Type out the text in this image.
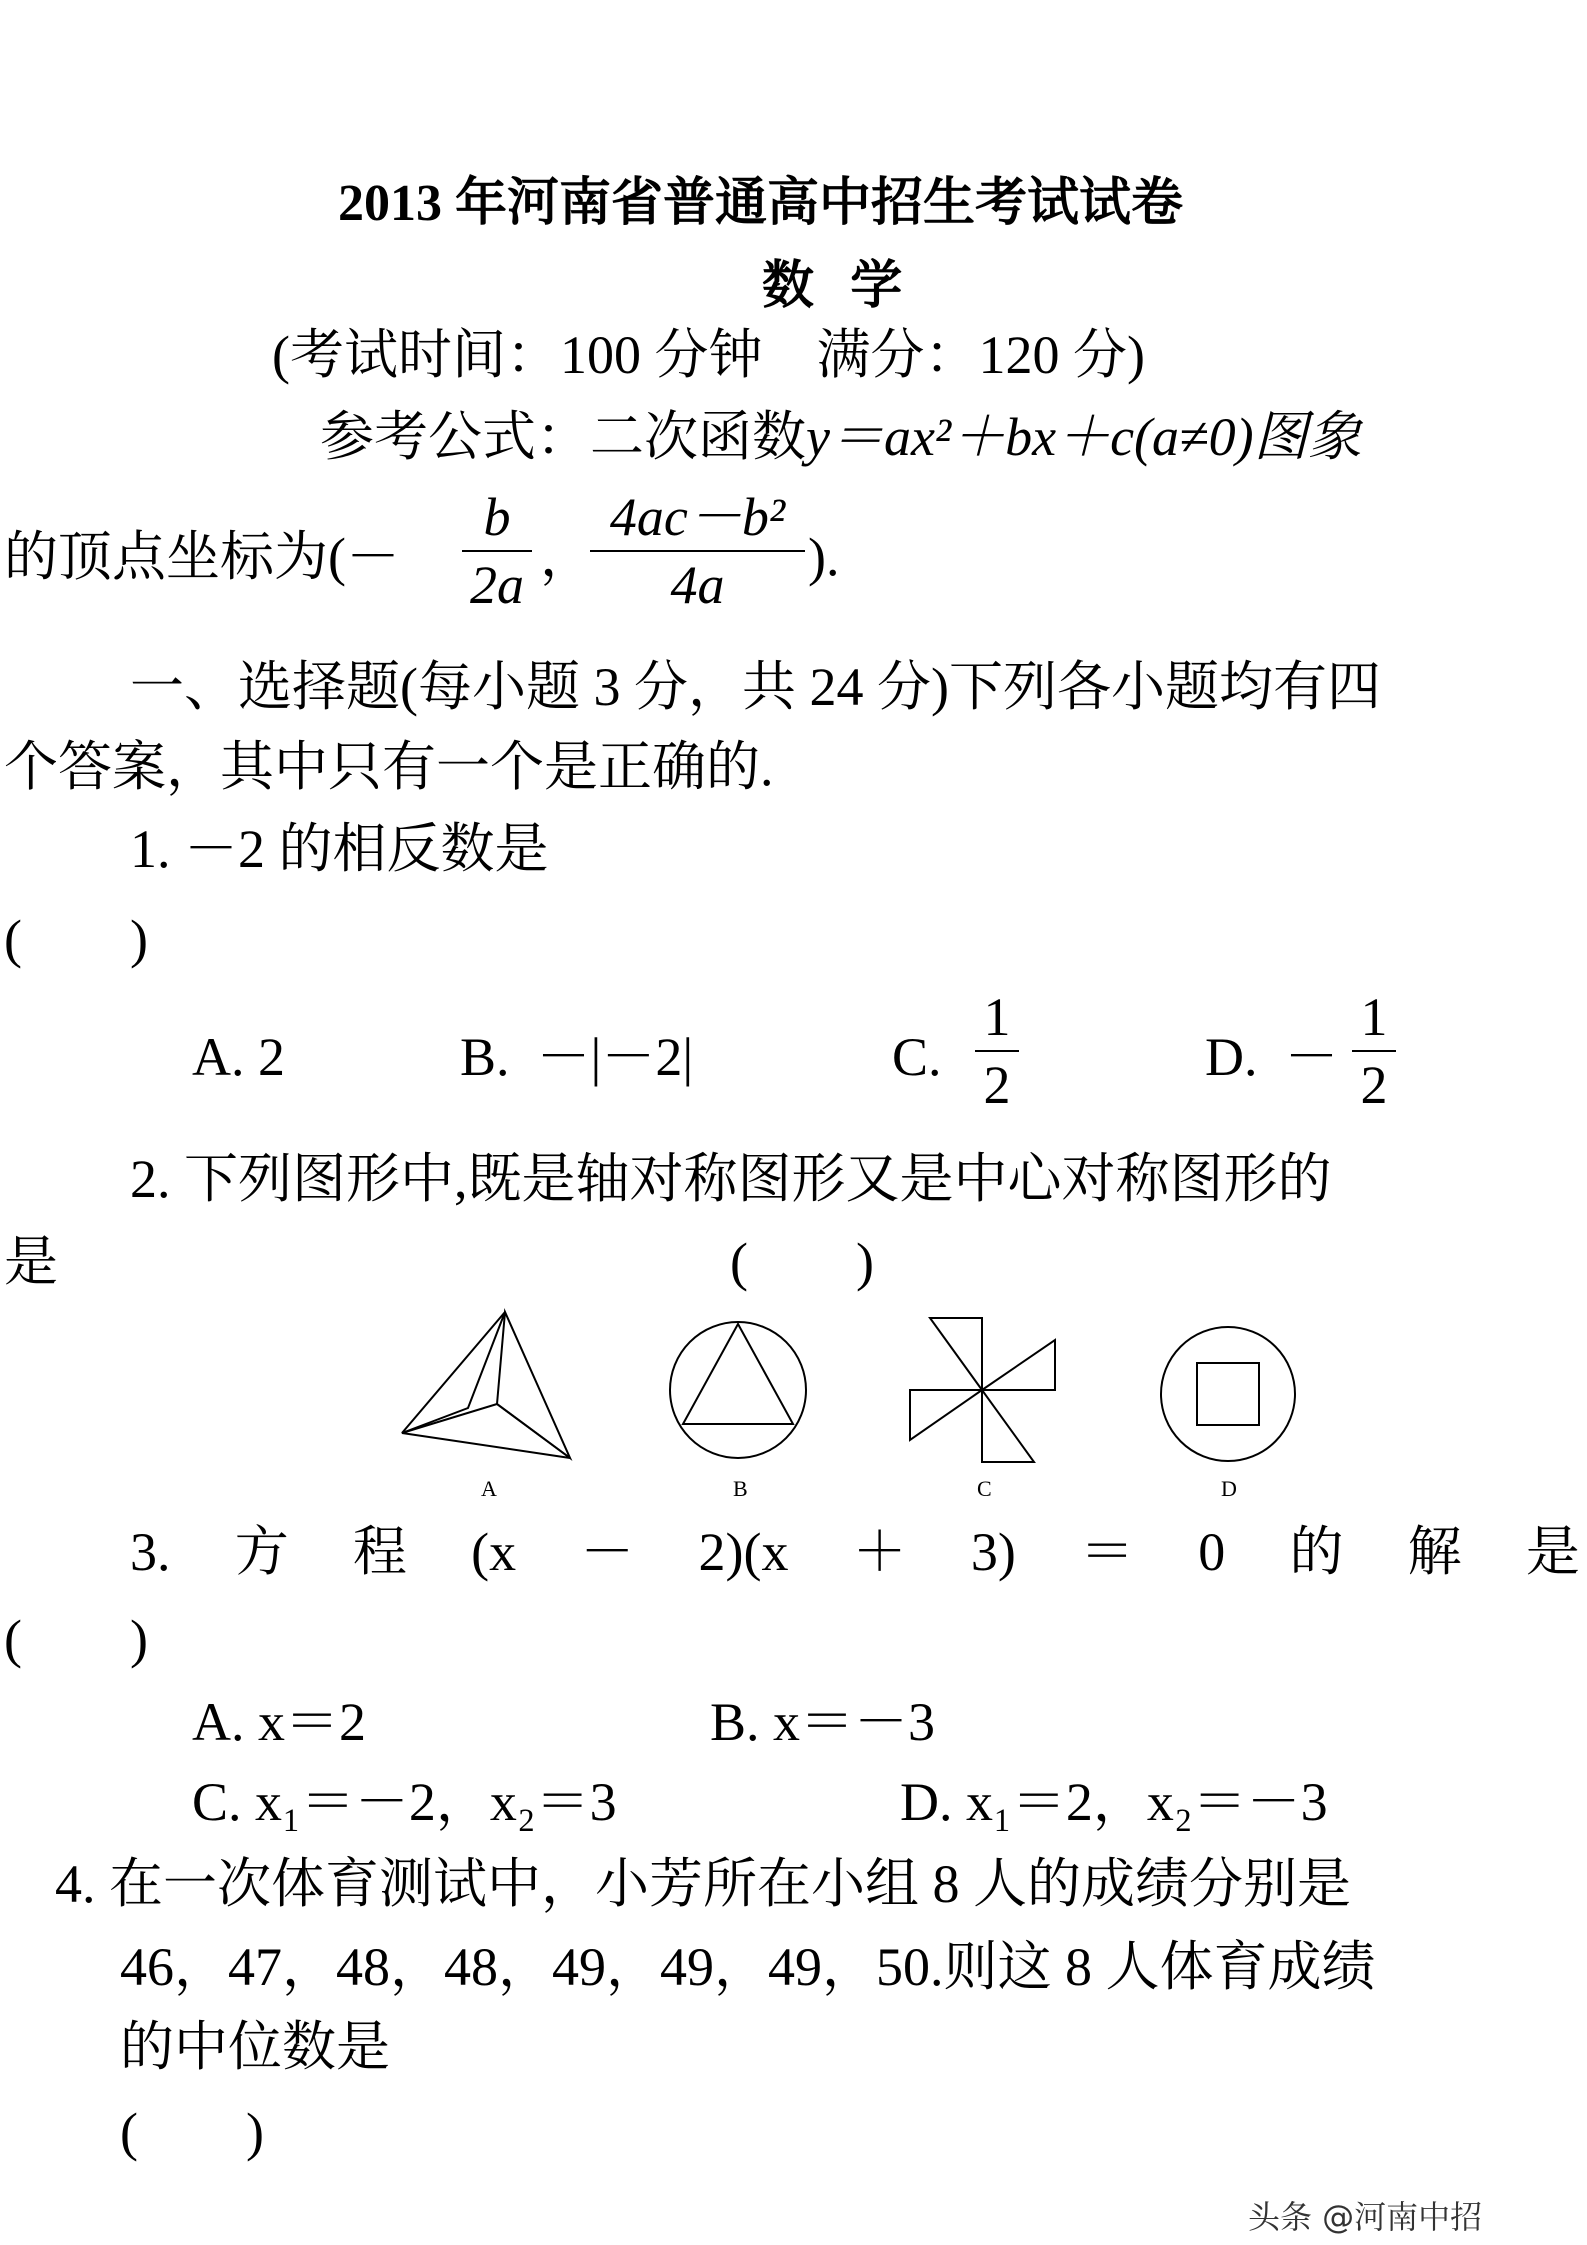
2013 年河南省普通高中招生考试试卷
数  学
(考试时间：100 分钟    满分：120 分)
参考公式：二次函数y＝ax²＋bx＋c(a≠0)图象
的顶点坐标为(－
b
2a ，
4ac－b²
4a	).
一、选择题(每小题 3 分，共 24 分)下列各小题均有四
个答案，其中只有一个是正确的.
1. －2 的相反数是
(        )
A. 2	B.  －|－2|	C.
1
2	D.  －
1
2
2. 下列图形中,既是轴对称图形又是中心对称图形的
是	(        )
A	B	C	D
3. 方 程 (x － 2)(x ＋ 3) ＝ 0 的 解 是
(        )
A. x＝2	B. x＝－3
C. x₁＝－2，x₂＝3	D. x₁＝2，x₂＝－3
4. 在一次体育测试中，小芳所在小组 8 人的成绩分别是
46，47，48，48，49，49，49，50.则这 8 人体育成绩
的中位数是
(        )
头条 @河南中招
